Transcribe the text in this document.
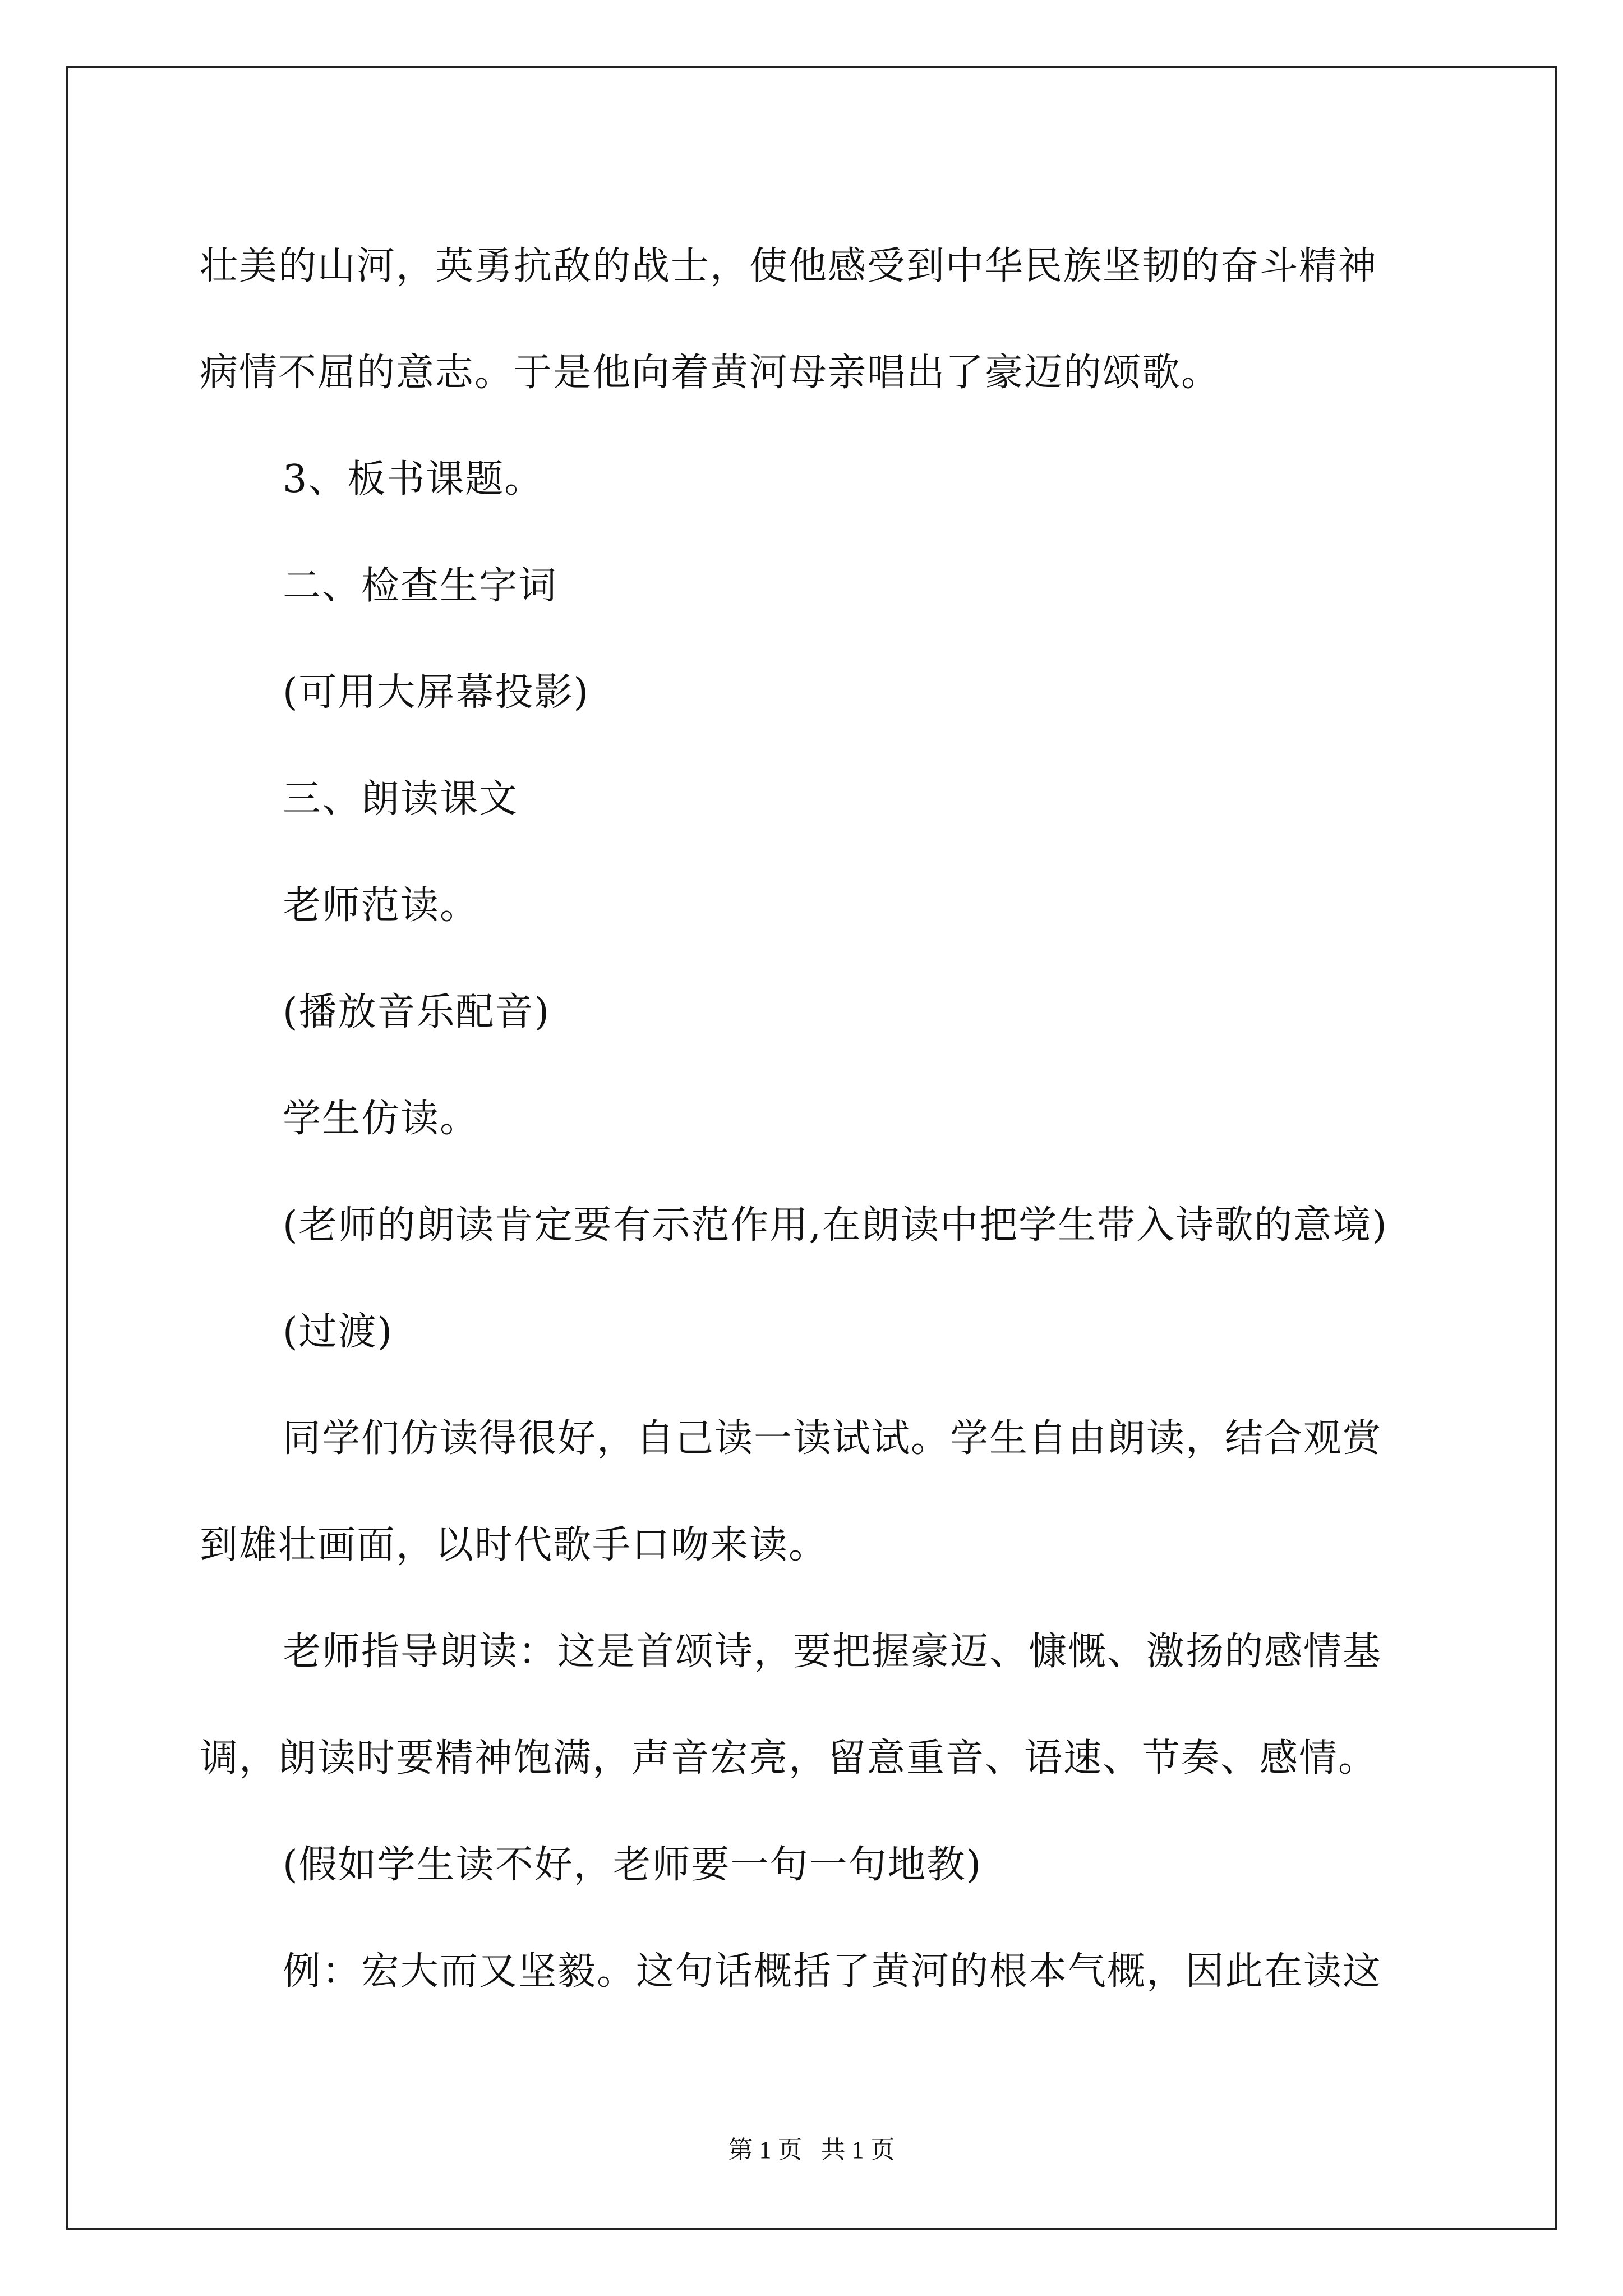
壮美的山河，英勇抗敌的战士，使他感受到中华民族坚韧的奋斗精神

病情不屈的意志。于是他向着黄河母亲唱出了豪迈的颂歌。

3、板书课题。

二、检查生字词

(可用大屏幕投影)

三、朗读课文

老师范读。

(播放音乐配音)

学生仿读。

(老师的朗读肯定要有示范作用,在朗读中把学生带入诗歌的意境)

(过渡)

同学们仿读得很好，自己读一读试试。学生自由朗读，结合观赏

到雄壮画面，以时代歌手口吻来读。

老师指导朗读：这是首颂诗，要把握豪迈、慷慨、激扬的感情基

调，朗读时要精神饱满，声音宏亮，留意重音、语速、节奏、感情。

(假如学生读不好，老师要一句一句地教)

例：宏大而又坚毅。这句话概括了黄河的根本气概，因此在读这

第 1 页   共 1 页
